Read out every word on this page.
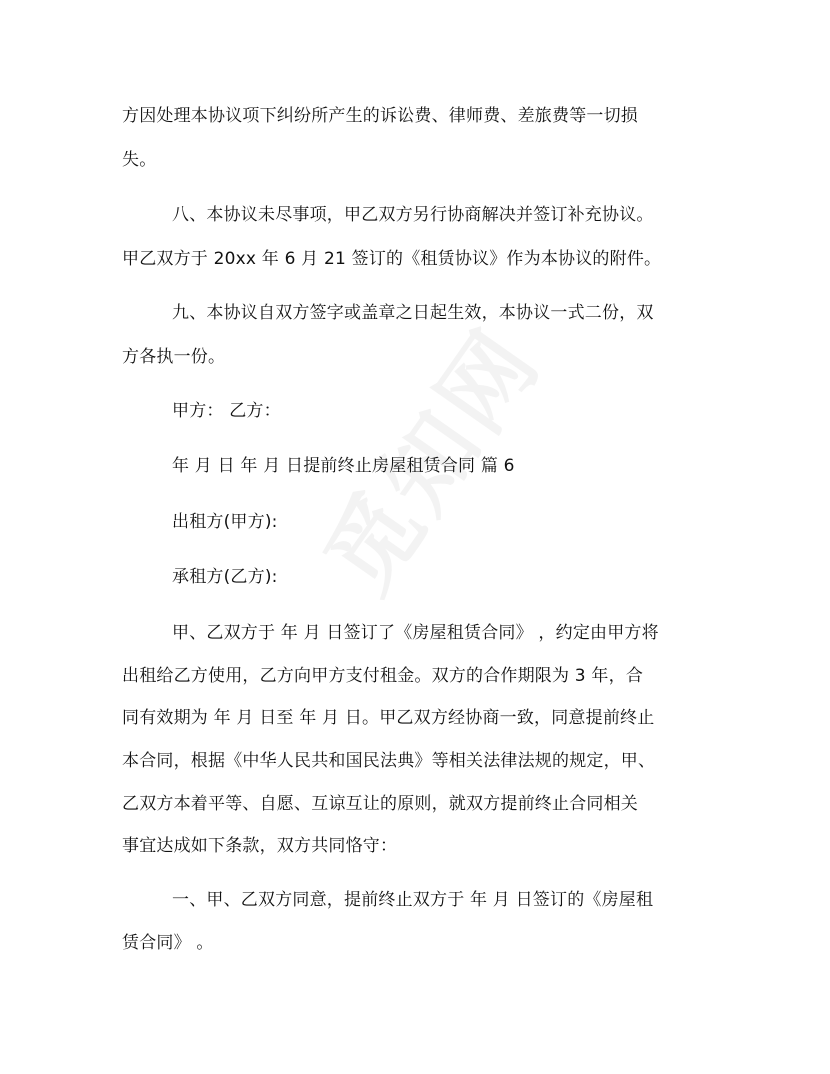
方因处理本协议项下纠纷所产生的诉讼费、律师费、差旅费等一切损
失。
八、本协议未尽事项，甲乙双方另行协商解决并签订补充协议。
甲乙双方于 20xx 年 6 月 21 签订的《租赁协议》作为本协议的附件。
九、本协议自双方签字或盖章之日起生效，本协议一式二份，双
方各执一份。
甲方： 乙方：
年 月 日 年 月 日提前终止房屋租赁合同 篇 6
出租方(甲方):
承租方(乙方):
甲、乙双方于 年 月 日签订了《房屋租赁合同》 ，约定由甲方将
出租给乙方使用，乙方向甲方支付租金。双方的合作期限为 3 年，合
同有效期为 年 月 日至 年 月 日。甲乙双方经协商一致，同意提前终止
本合同，根据《中华人民共和国民法典》等相关法律法规的规定，甲、
乙双方本着平等、自愿、互谅互让的原则，就双方提前终止合同相关
事宜达成如下条款，双方共同恪守：
一、甲、乙双方同意，提前终止双方于 年 月 日签订的《房屋租
赁合同》 。
